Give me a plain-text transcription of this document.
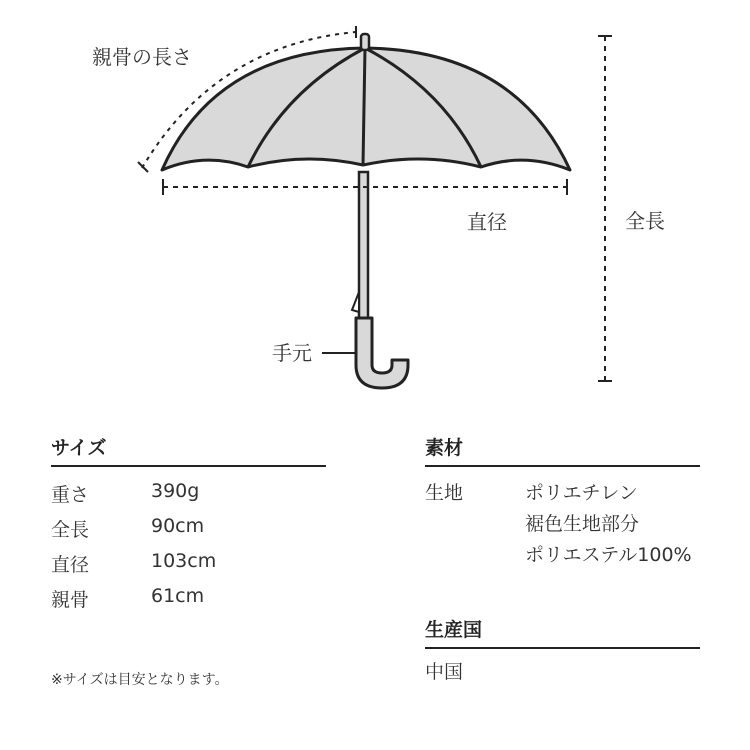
親骨の長さ
直径	全長
手元
サイズ
重さ	390g
全長	90cm
直径	103cm
親骨	61cm
※サイズは目安となります。
素材
生地	ポリエチレン
裾色生地部分
ポリエステル100%
生産国
中国
